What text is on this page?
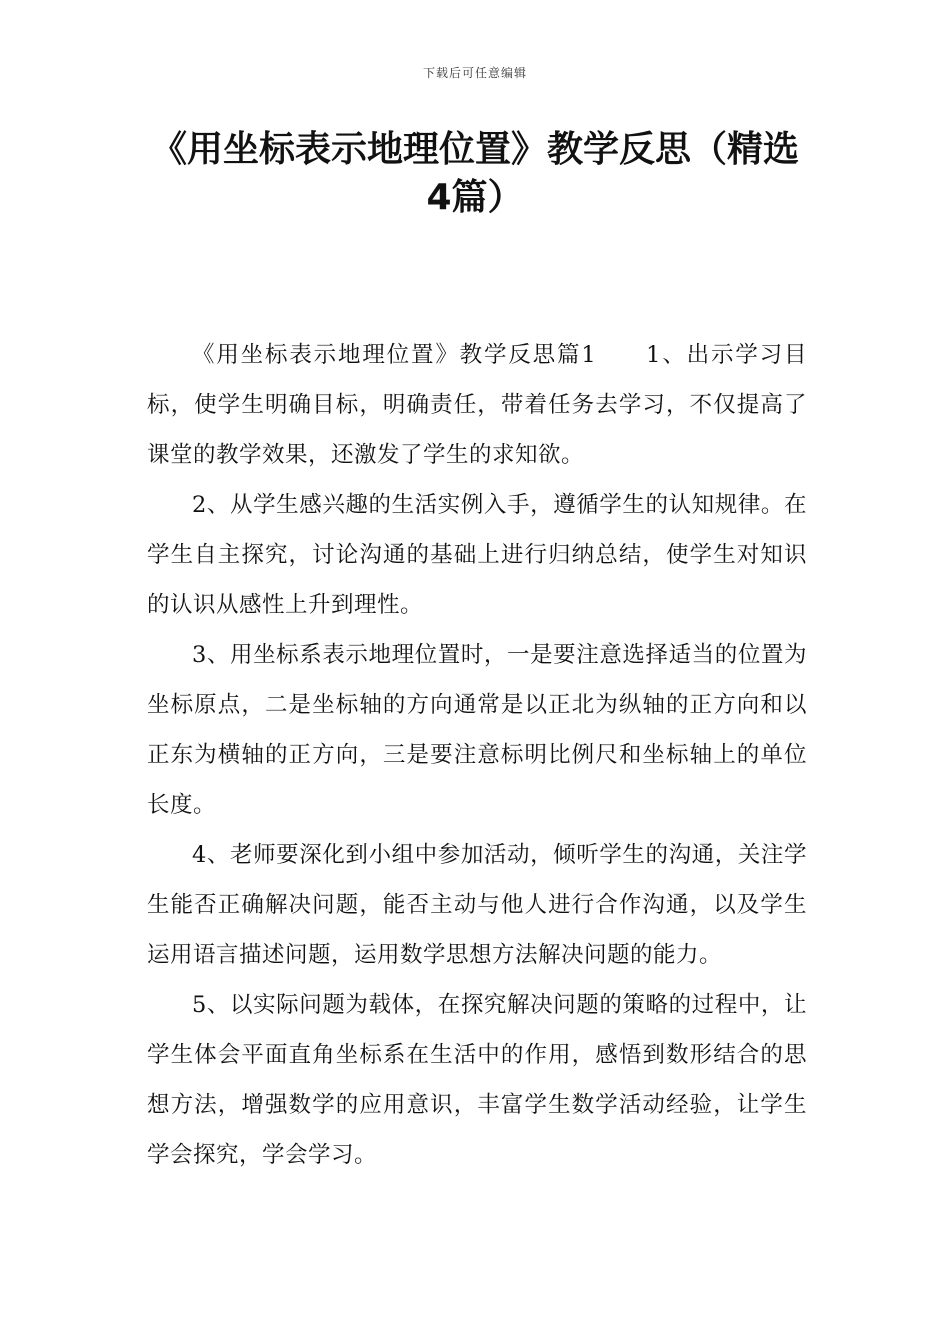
下载后可任意编辑
《用坐标表示地理位置》教学反思（精选4篇）

《用坐标表示地理位置》教学反思篇1　　1、出示学习目标，使学生明确目标，明确责任，带着任务去学习，不仅提高了课堂的教学效果，还激发了学生的求知欲。

2、从学生感兴趣的生活实例入手，遵循学生的认知规律。在学生自主探究，讨论沟通的基础上进行归纳总结，使学生对知识的认识从感性上升到理性。

3、用坐标系表示地理位置时，一是要注意选择适当的位置为坐标原点，二是坐标轴的方向通常是以正北为纵轴的正方向和以正东为横轴的正方向，三是要注意标明比例尺和坐标轴上的单位长度。

4、老师要深化到小组中参加活动，倾听学生的沟通，关注学生能否正确解决问题，能否主动与他人进行合作沟通，以及学生运用语言描述问题，运用数学思想方法解决问题的能力。

5、以实际问题为载体，在探究解决问题的策略的过程中，让学生体会平面直角坐标系在生活中的作用，感悟到数形结合的思想方法，增强数学的应用意识，丰富学生数学活动经验，让学生学会探究，学会学习。
